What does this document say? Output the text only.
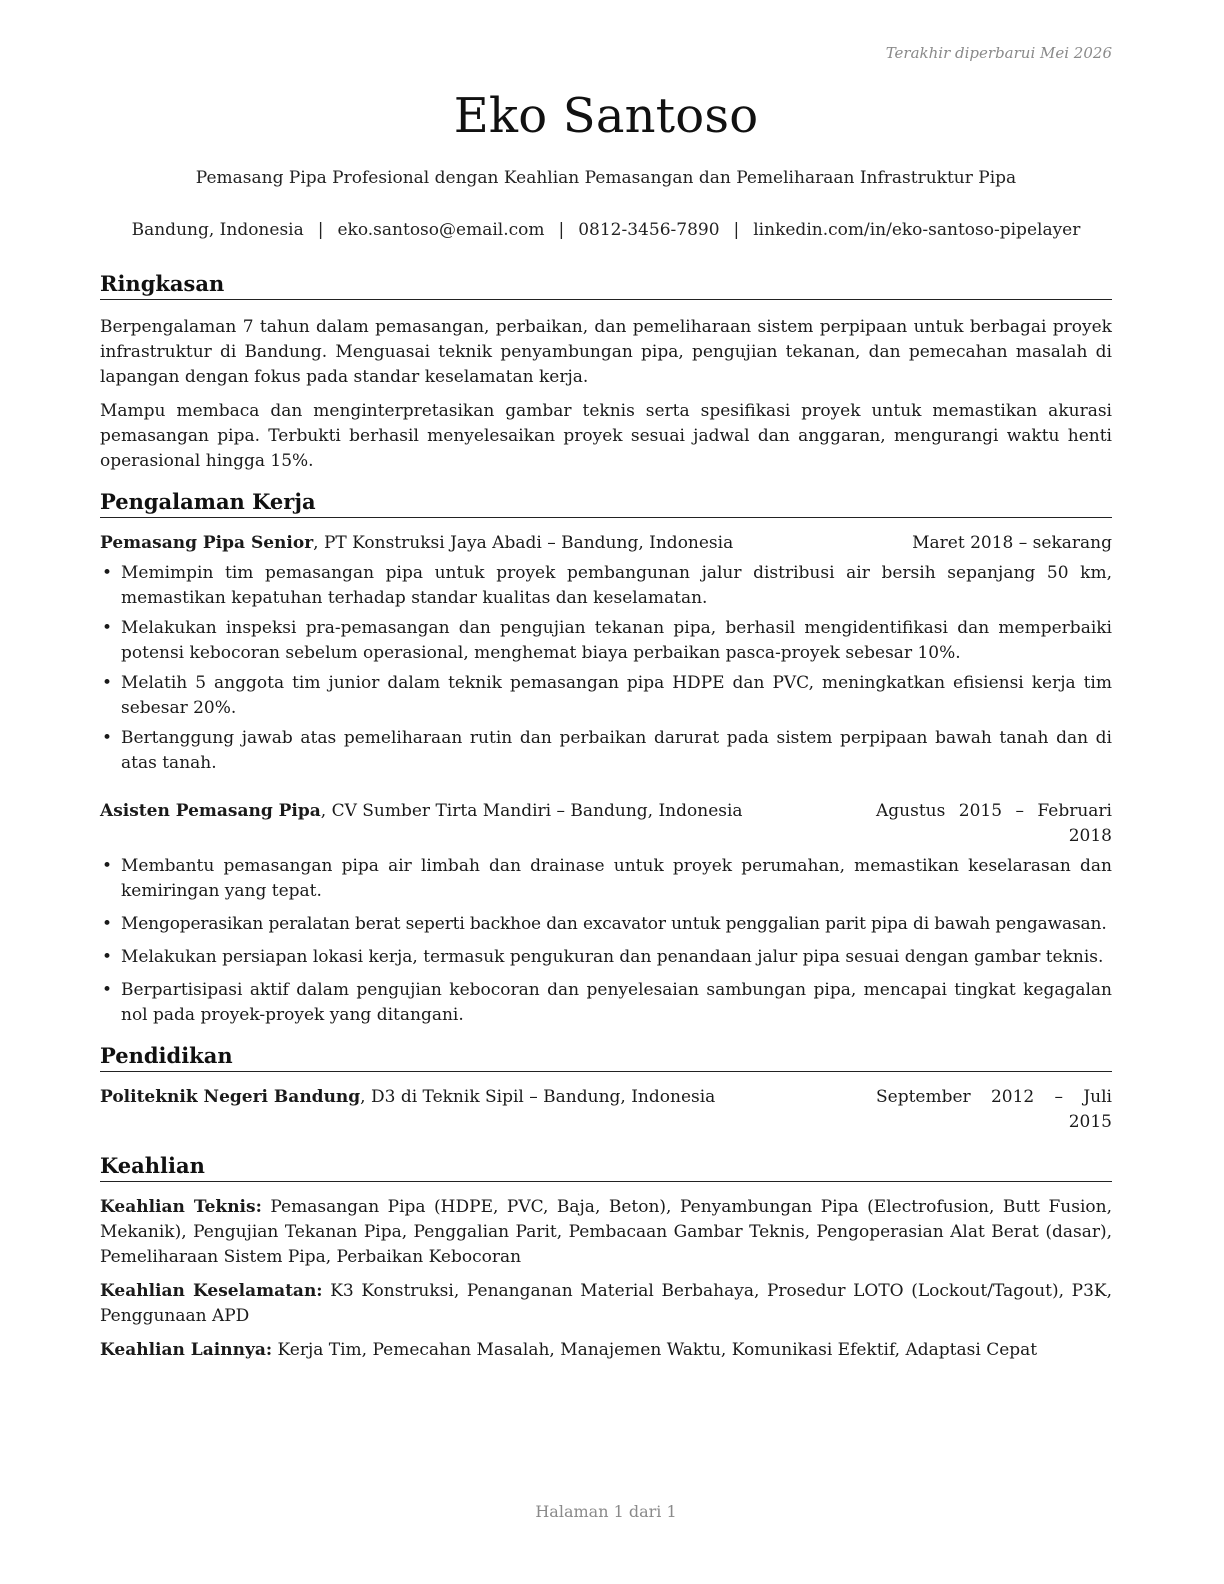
Terakhir diperbarui Mei 2026
Eko Santoso
Pemasang Pipa Profesional dengan Keahlian Pemasangan dan Pemeliharaan Infrastruktur Pipa
Bandung, Indonesia | eko.santoso@email.com | 0812-3456-7890 | linkedin.com/in/eko-santoso-pipelayer
Ringkasan

Berpengalaman 7 tahun dalam pemasangan, perbaikan, dan pemeliharaan sistem perpipaan untuk berbagai proyek infrastruktur di Bandung. Menguasai teknik penyambungan pipa, pengujian tekanan, dan pemecahan masalah di lapangan dengan fokus pada standar keselamatan kerja.

Mampu membaca dan menginterpretasikan gambar teknis serta spesifikasi proyek untuk memastikan akurasi pemasangan pipa. Terbukti berhasil menyelesaikan proyek sesuai jadwal dan anggaran, mengurangi waktu henti operasional hingga 15%.

Pengalaman Kerja
Pemasang Pipa Senior, PT Konstruksi Jaya Abadi – Bandung, Indonesia	Maret 2018 – sekarang
• Memimpin tim pemasangan pipa untuk proyek pembangunan jalur distribusi air bersih sepanjang 50 km, memastikan kepatuhan terhadap standar kualitas dan keselamatan.
• Melakukan inspeksi pra-pemasangan dan pengujian tekanan pipa, berhasil mengidentifikasi dan memperbaiki potensi kebocoran sebelum operasional, menghemat biaya perbaikan pasca-proyek sebesar 10%.
• Melatih 5 anggota tim junior dalam teknik pemasangan pipa HDPE dan PVC, meningkatkan efisiensi kerja tim sebesar 20%.
• Bertanggung jawab atas pemeliharaan rutin dan perbaikan darurat pada sistem perpipaan bawah tanah dan di atas tanah.
Asisten Pemasang Pipa, CV Sumber Tirta Mandiri – Bandung, Indonesia	Agustus 2015 – Februari 2018
• Membantu pemasangan pipa air limbah dan drainase untuk proyek perumahan, memastikan keselarasan dan kemiringan yang tepat.
• Mengoperasikan peralatan berat seperti backhoe dan excavator untuk penggalian parit pipa di bawah pengawasan.
• Melakukan persiapan lokasi kerja, termasuk pengukuran dan penandaan jalur pipa sesuai dengan gambar teknis.
• Berpartisipasi aktif dalam pengujian kebocoran dan penyelesaian sambungan pipa, mencapai tingkat kegagalan nol pada proyek-proyek yang ditangani.
Pendidikan
Politeknik Negeri Bandung, D3 di Teknik Sipil – Bandung, Indonesia	September 2012 – Juli 2015
Keahlian

Keahlian Teknis: Pemasangan Pipa (HDPE, PVC, Baja, Beton), Penyambungan Pipa (Electrofusion, Butt Fusion, Mekanik), Pengujian Tekanan Pipa, Penggalian Parit, Pembacaan Gambar Teknis, Pengoperasian Alat Berat (dasar), Pemeliharaan Sistem Pipa, Perbaikan Kebocoran

Keahlian Keselamatan: K3 Konstruksi, Penanganan Material Berbahaya, Prosedur LOTO (Lockout/Tagout), P3K, Penggunaan APD

Keahlian Lainnya: Kerja Tim, Pemecahan Masalah, Manajemen Waktu, Komunikasi Efektif, Adaptasi Cepat

Halaman 1 dari 1
